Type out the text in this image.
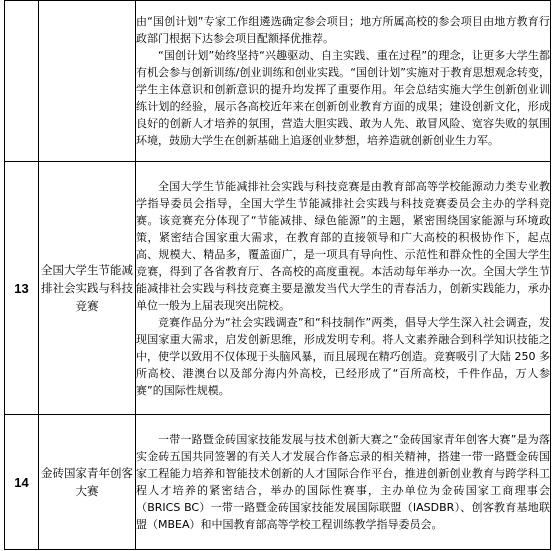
		由“国创计划”专家工作组遴选确定参会项目；地方所属高校的参会项目由地方教育行政部门根据下达参会项目配额择优推荐。

“国创计划”始终坚持“兴趣驱动、自主实践、重在过程”的理念，让更多大学生都有机会参与创新训练/创业训练和创业实践。“国创计划”实施对于教育思想观念转变，学生主体意识和创新意识的提升均发挥了重要作用。年会总结实施大学生创新创业训练计划的经验，展示各高校近年来在创新创业教育方面的成果；建设创新文化，形成良好的创新人才培养的氛围，营造大胆实践、敢为人先、敢冒风险、宽容失败的氛围环境，鼓励大学生在创新基础上追逐创业梦想，培养造就创新创业生力军。

13	全国大学生节能减排社会实践与科技竞赛	全国大学生节能减排社会实践与科技竞赛是由教育部高等学校能源动力类专业教学指导委员会指导，全国大学生节能减排社会实践与科技竞赛委员会主办的学科竞赛。该竞赛充分体现了“节能减排、绿色能源”的主题，紧密围绕国家能源与环境政策，紧密结合国家重大需求，在教育部的直接领导和广大高校的积极协作下，起点高、规模大、精品多，覆盖面广，是一项具有导向性、示范性和群众性的全国大学生竞赛，得到了各省教育厅、各高校的高度重视。本活动每年举办一次。全国大学生节能减排社会实践与科技竞赛主要是激发当代大学生的青春活力，创新实践能力，承办单位一般为上届表现突出院校。

竞赛作品分为“社会实践调查”和“科技制作”两类，倡导大学生深入社会调查，发现国家重大需求，启发创新思维，形成发明专利。将人文素养融合到科学知识技能之中，使学以致用不仅体现于头脑风暴，而且展现在精巧创造。竞赛吸引了大陆 250 多所高校、港澳台以及部分海内外高校，已经形成了“百所高校，千件作品，万人参赛”的国际性规模。

14	金砖国家青年创客大赛	一带一路暨金砖国家技能发展与技术创新大赛之“金砖国家青年创客大赛”是为落实金砖五国共同签署的有关人才发展合作备忘录的相关精神，搭建一带一路暨金砖国家工程能力培养和智能技术创新的人才国际合作平台，推进创新创业教育与跨学科工程人才培养的紧密结合，举办的国际性赛事，主办单位为金砖国家工商理事会（BRICS BC）一带一路暨金砖国家技能发展国际联盟（IASDBR）、创客教育基地联盟（MBEA）和中国教育部高等学校工程训练教学指导委员会。
